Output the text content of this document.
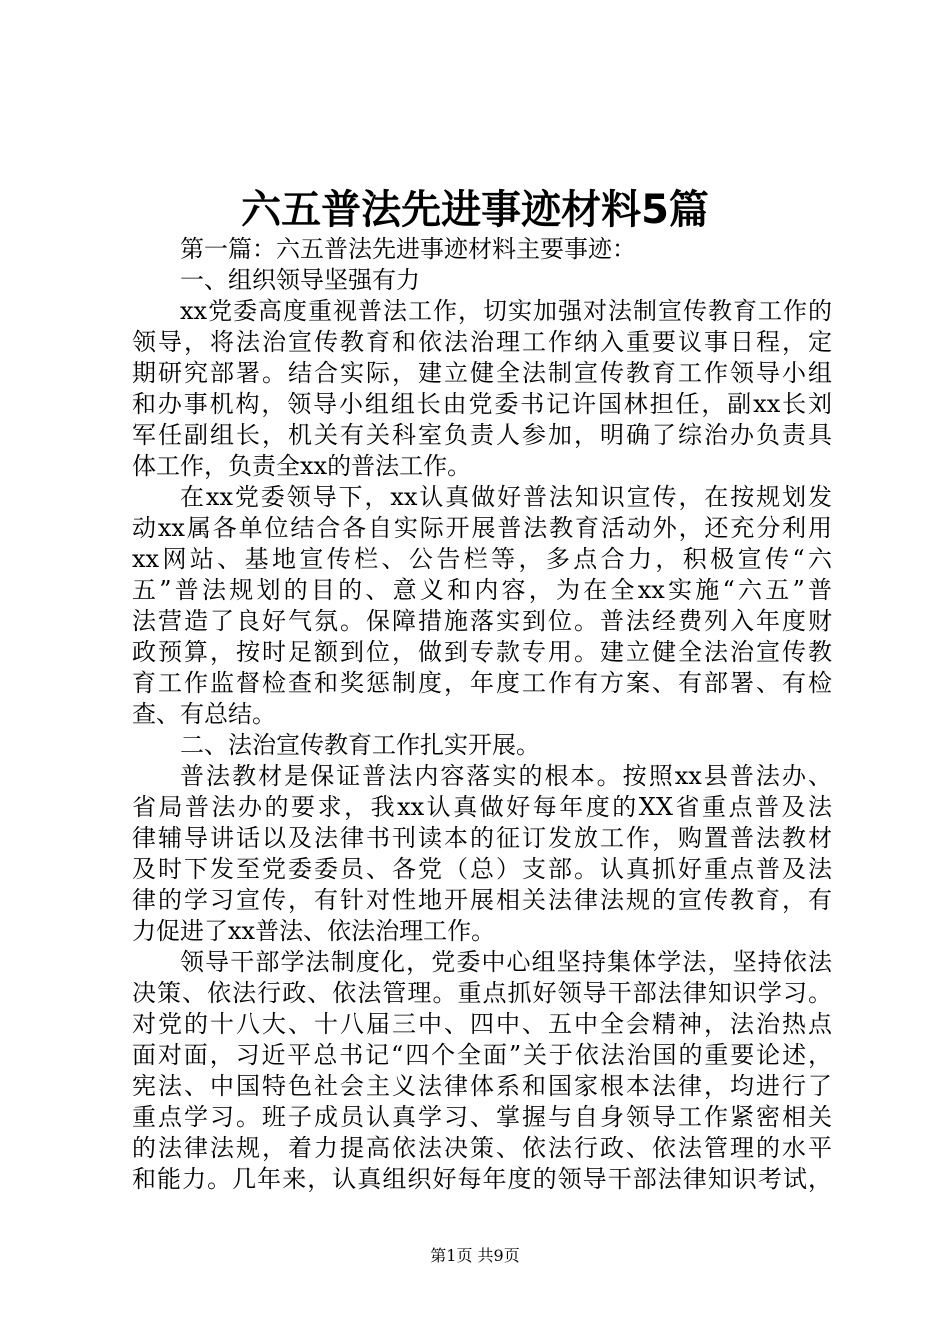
六五普法先进事迹材料5篇
第一篇：六五普法先进事迹材料主要事迹：
一、组织领导坚强有力
xx党委高度重视普法工作，切实加强对法制宣传教育工作的
领导，将法治宣传教育和依法治理工作纳入重要议事日程，定
期研究部署。结合实际，建立健全法制宣传教育工作领导小组
和办事机构，领导小组组长由党委书记许国林担任，副xx长刘
军任副组长，机关有关科室负责人参加，明确了综治办负责具
体工作，负责全xx的普法工作。
在xx党委领导下，xx认真做好普法知识宣传，在按规划发
动xx属各单位结合各自实际开展普法教育活动外，还充分利用
xx网站、基地宣传栏、公告栏等，多点合力，积极宣传“六
五”普法规划的目的、意义和内容，为在全xx实施“六五”普
法营造了良好气氛。保障措施落实到位。普法经费列入年度财
政预算，按时足额到位，做到专款专用。建立健全法治宣传教
育工作监督检查和奖惩制度，年度工作有方案、有部署、有检
查、有总结。
二、法治宣传教育工作扎实开展。
普法教材是保证普法内容落实的根本。按照xx县普法办、
省局普法办的要求，我xx认真做好每年度的XX省重点普及法
律辅导讲话以及法律书刊读本的征订发放工作，购置普法教材
及时下发至党委委员、各党（总）支部。认真抓好重点普及法
律的学习宣传，有针对性地开展相关法律法规的宣传教育，有
力促进了xx普法、依法治理工作。
领导干部学法制度化，党委中心组坚持集体学法，坚持依法
决策、依法行政、依法管理。重点抓好领导干部法律知识学习。
对党的十八大、十八届三中、四中、五中全会精神，法治热点
面对面，习近平总书记“四个全面”关于依法治国的重要论述，
宪法、中国特色社会主义法律体系和国家根本法律，均进行了
重点学习。班子成员认真学习、掌握与自身领导工作紧密相关
的法律法规，着力提高依法决策、依法行政、依法管理的水平
和能力。几年来，认真组织好每年度的领导干部法律知识考试，
第1页 共9页
